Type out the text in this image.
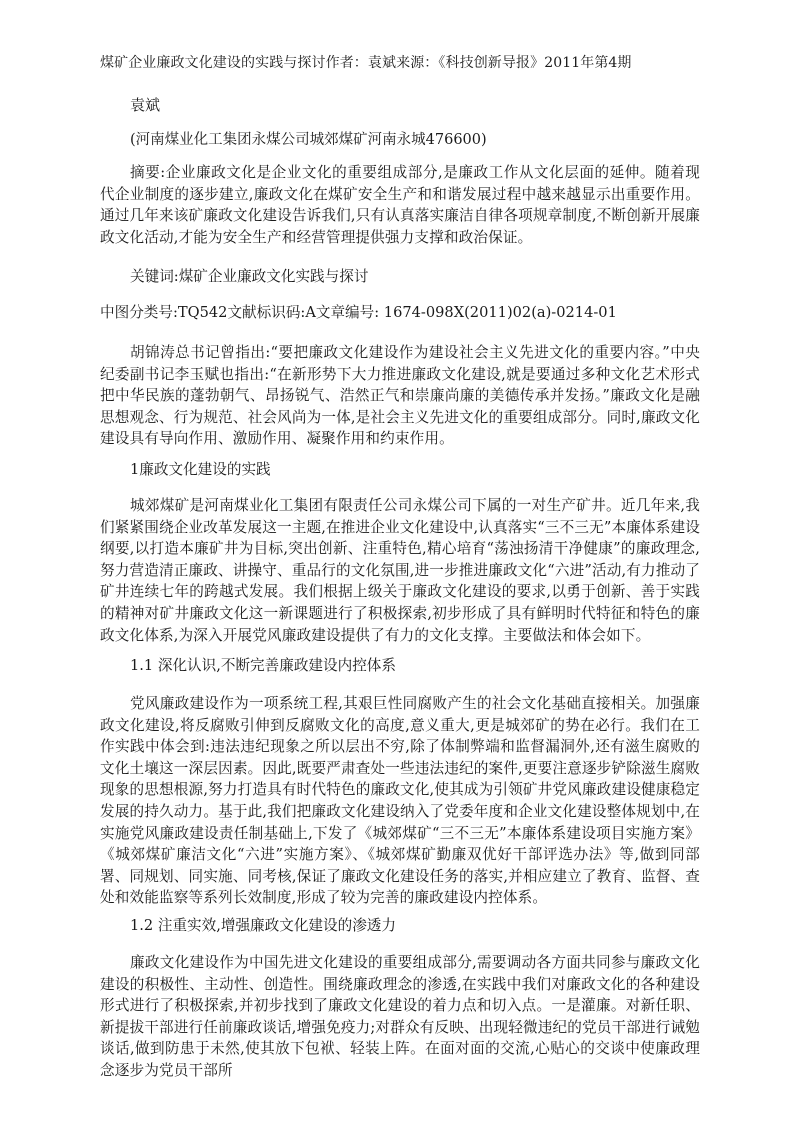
煤矿企业廉政文化建设的实践与探讨作者：袁斌来源：《科技创新导报》2011年第4期
袁斌
(河南煤业化工集团永煤公司城郊煤矿河南永城476600)
摘要:企业廉政文化是企业文化的重要组成部分,是廉政工作从文化层面的延伸。随着现代企业制度的逐步建立,廉政文化在煤矿安全生产和和谐发展过程中越来越显示出重要作用。通过几年来该矿廉政文化建设告诉我们,只有认真落实廉洁自律各项规章制度,不断创新开展廉政文化活动,才能为安全生产和经营管理提供强力支撑和政治保证。
关键词:煤矿企业廉政文化实践与探讨
中图分类号:TQ542文献标识码:A文章编号: 1674-098X(2011)02(a)-0214-01
胡锦涛总书记曾指出:“要把廉政文化建设作为建设社会主义先进文化的重要内容。”中央纪委副书记李玉赋也指出:“在新形势下大力推进廉政文化建设,就是要通过多种文化艺术形式把中华民族的蓬勃朝气、昂扬锐气、浩然正气和崇廉尚廉的美德传承并发扬。”廉政文化是融思想观念、行为规范、社会风尚为一体,是社会主义先进文化的重要组成部分。同时,廉政文化建设具有导向作用、激励作用、凝聚作用和约束作用。
1廉政文化建设的实践
城郊煤矿是河南煤业化工集团有限责任公司永煤公司下属的一对生产矿井。近几年来,我们紧紧围绕企业改革发展这一主题,在推进企业文化建设中,认真落实“三不三无”本廉体系建设纲要,以打造本廉矿井为目标,突出创新、注重特色,精心培育“荡浊扬清干净健康”的廉政理念,努力营造清正廉政、讲操守、重品行的文化氛围,进一步推进廉政文化“六进”活动,有力推动了矿井连续七年的跨越式发展。我们根据上级关于廉政文化建设的要求,以勇于创新、善于实践的精神对矿井廉政文化这一新课题进行了积极探索,初步形成了具有鲜明时代特征和特色的廉政文化体系,为深入开展党风廉政建设提供了有力的文化支撑。主要做法和体会如下。
1.1 深化认识,不断完善廉政建设内控体系
党风廉政建设作为一项系统工程,其艰巨性同腐败产生的社会文化基础直接相关。加强廉政文化建设,将反腐败引伸到反腐败文化的高度,意义重大,更是城郊矿的势在必行。我们在工作实践中体会到:违法违纪现象之所以层出不穷,除了体制弊端和监督漏洞外,还有滋生腐败的文化土壤这一深层因素。因此,既要严肃查处一些违法违纪的案件,更要注意逐步铲除滋生腐败现象的思想根源,努力打造具有时代特色的廉政文化,使其成为引领矿井党风廉政建设健康稳定发展的持久动力。基于此,我们把廉政文化建设纳入了党委年度和企业文化建设整体规划中,在实施党风廉政建设责任制基础上,下发了《城郊煤矿“三不三无”本廉体系建设项目实施方案》《城郊煤矿廉洁文化“六进”实施方案》、《城郊煤矿勤廉双优好干部评选办法》等,做到同部署、同规划、同实施、同考核,保证了廉政文化建设任务的落实,并相应建立了教育、监督、查处和效能监察等系列长效制度,形成了较为完善的廉政建设内控体系。
1.2 注重实效,增强廉政文化建设的渗透力
廉政文化建设作为中国先进文化建设的重要组成部分,需要调动各方面共同参与廉政文化建设的积极性、主动性、创造性。围绕廉政理念的渗透,在实践中我们对廉政文化的各种建设形式进行了积极探索,并初步找到了廉政文化建设的着力点和切入点。一是灌廉。对新任职、新提拔干部进行任前廉政谈话,增强免疫力;对群众有反映、出现轻微违纪的党员干部进行诫勉谈话,做到防患于未然,使其放下包袱、轻装上阵。在面对面的交流,心贴心的交谈中使廉政理念逐步为党员干部所
